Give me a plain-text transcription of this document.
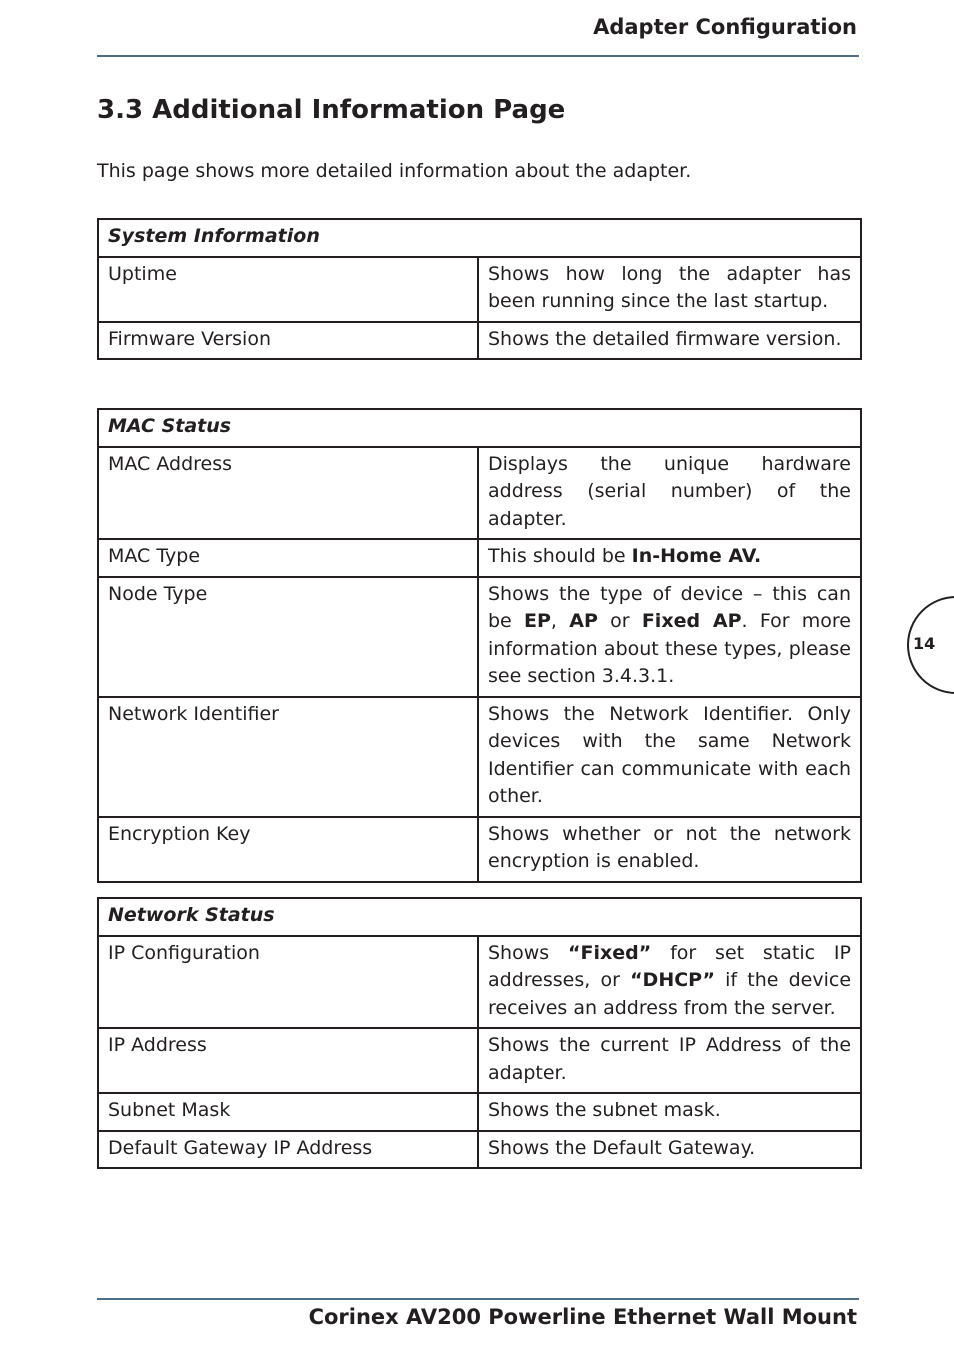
Adapter Configuration
3.3 Additional Information Page

This page shows more detailed information about the adapter.

System Information	
Uptime	Shows how long the adapter has been running since the last startup.
Firmware Version	Shows the detailed firmware version.
MAC Status	
MAC Address	Displays the unique hardware address (serial number) of the adapter.
MAC Type	This should be In-Home AV.
Node Type	Shows the type of device – this can be EP, AP or Fixed AP. For more information about these types, please see section 3.4.3.1.
Network Identifier	Shows the Network Identifier. Only devices with the same Network Identifier can communicate with each other.
Encryption Key	Shows whether or not the network encryption is enabled.
Network Status	
IP Configuration	Shows “Fixed” for set static IP addresses, or “DHCP” if the device receives an address from the server.
IP Address	Shows the current IP Address of the adapter.
Subnet Mask	Shows the subnet mask.
Default Gateway IP Address	Shows the Default Gateway.
14
Corinex AV200 Powerline Ethernet Wall Mount
